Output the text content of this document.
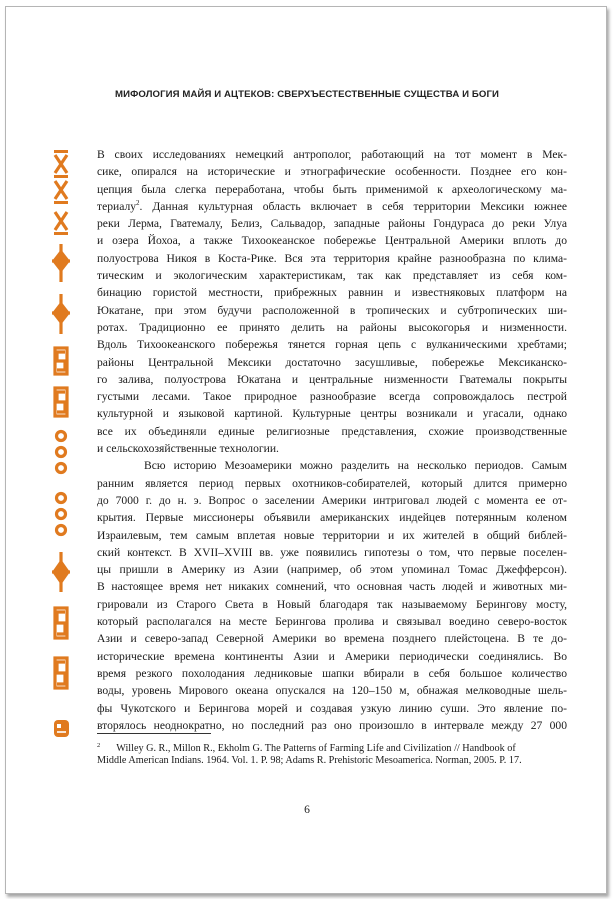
МИФОЛОГИЯ МАЙЯ И АЦТЕКОВ: СВЕРХЪЕСТЕСТВЕННЫЕ СУЩЕСТВА И БОГИ
В своих исследованиях немецкий антрополог, работающий на тот момент в Мек-
сике, опирался на исторические и этнографические особенности. Позднее его кон-
цепция была слегка переработана, чтобы быть применимой к археологическому ма-
териалу$^2$. Данная культурная область включает в себя территории Мексики южнее
реки Лерма, Гватемалу, Белиз, Сальвадор, западные районы Гондураса до реки Улуа
и озера Йохоа, а также Тихоокеанское побережье Центральной Америки вплоть до
полуострова Никоя в Коста-Рике. Вся эта территория крайне разнообразна по клима-
тическим и экологическим характеристикам, так как представляет из себя ком-
бинацию гористой местности, прибрежных равнин и известняковых платформ на
Юкатане, при этом будучи расположенной в тропических и субтропических ши-
ротах. Традиционно ее принято делить на районы высокогорья и низменности.
Вдоль Тихоокеанского побережья тянется горная цепь с вулканическими хребтами;
районы Центральной Мексики достаточно засушливые, побережье Мексиканско-
го залива, полуострова Юкатана и центральные низменности Гватемалы покрыты
густыми лесами. Такое природное разнообразие всегда сопровождалось пестрой
культурной и языковой картиной. Культурные центры возникали и угасали, однако
все их объединяли единые религиозные представления, схожие производственные
и сельскохозяйственные технологии.
Всю историю Мезоамерики можно разделить на несколько периодов. Самым
ранним является период первых охотников-собирателей, который длится примерно
до 7000 г. до н. э. Вопрос о заселении Америки интриговал людей с момента ее от-
крытия. Первые миссионеры объявили американских индейцев потерянным коленом
Израилевым, тем самым вплетая новые территории и их жителей в общий библей-
ский контекст. В XVII–XVIII вв. уже появились гипотезы о том, что первые поселен-
цы пришли в Америку из Азии (например, об этом упоминал Томас Джефферсон).
В настоящее время нет никаких сомнений, что основная часть людей и животных ми-
грировали из Старого Света в Новый благодаря так называемому Берингову мосту,
который располагался на месте Берингова пролива и связывал воедино северо-восток
Азии и северо-запад Северной Америки во времена позднего плейстоцена. В те до-
исторические времена континенты Азии и Америки периодически соединялись. Во
время резкого похолодания ледниковые шапки вбирали в себя большое количество
воды, уровень Мирового океана опускался на 120–150 м, обнажая мелководные шель-
фы Чукотского и Берингова морей и создавая узкую линию суши. Это явление по-
вторялось неоднократно, но последний раз оно произошло в интервале между 27 000
$^2$ Willey G. R., Millon R., Ekholm G. The Patterns of Farming Life and Civilization // Handbook of
Middle American Indians. 1964. Vol. 1. P. 98; Adams R. Prehistoric Mesoamerica. Norman, 2005. P. 17.
6
